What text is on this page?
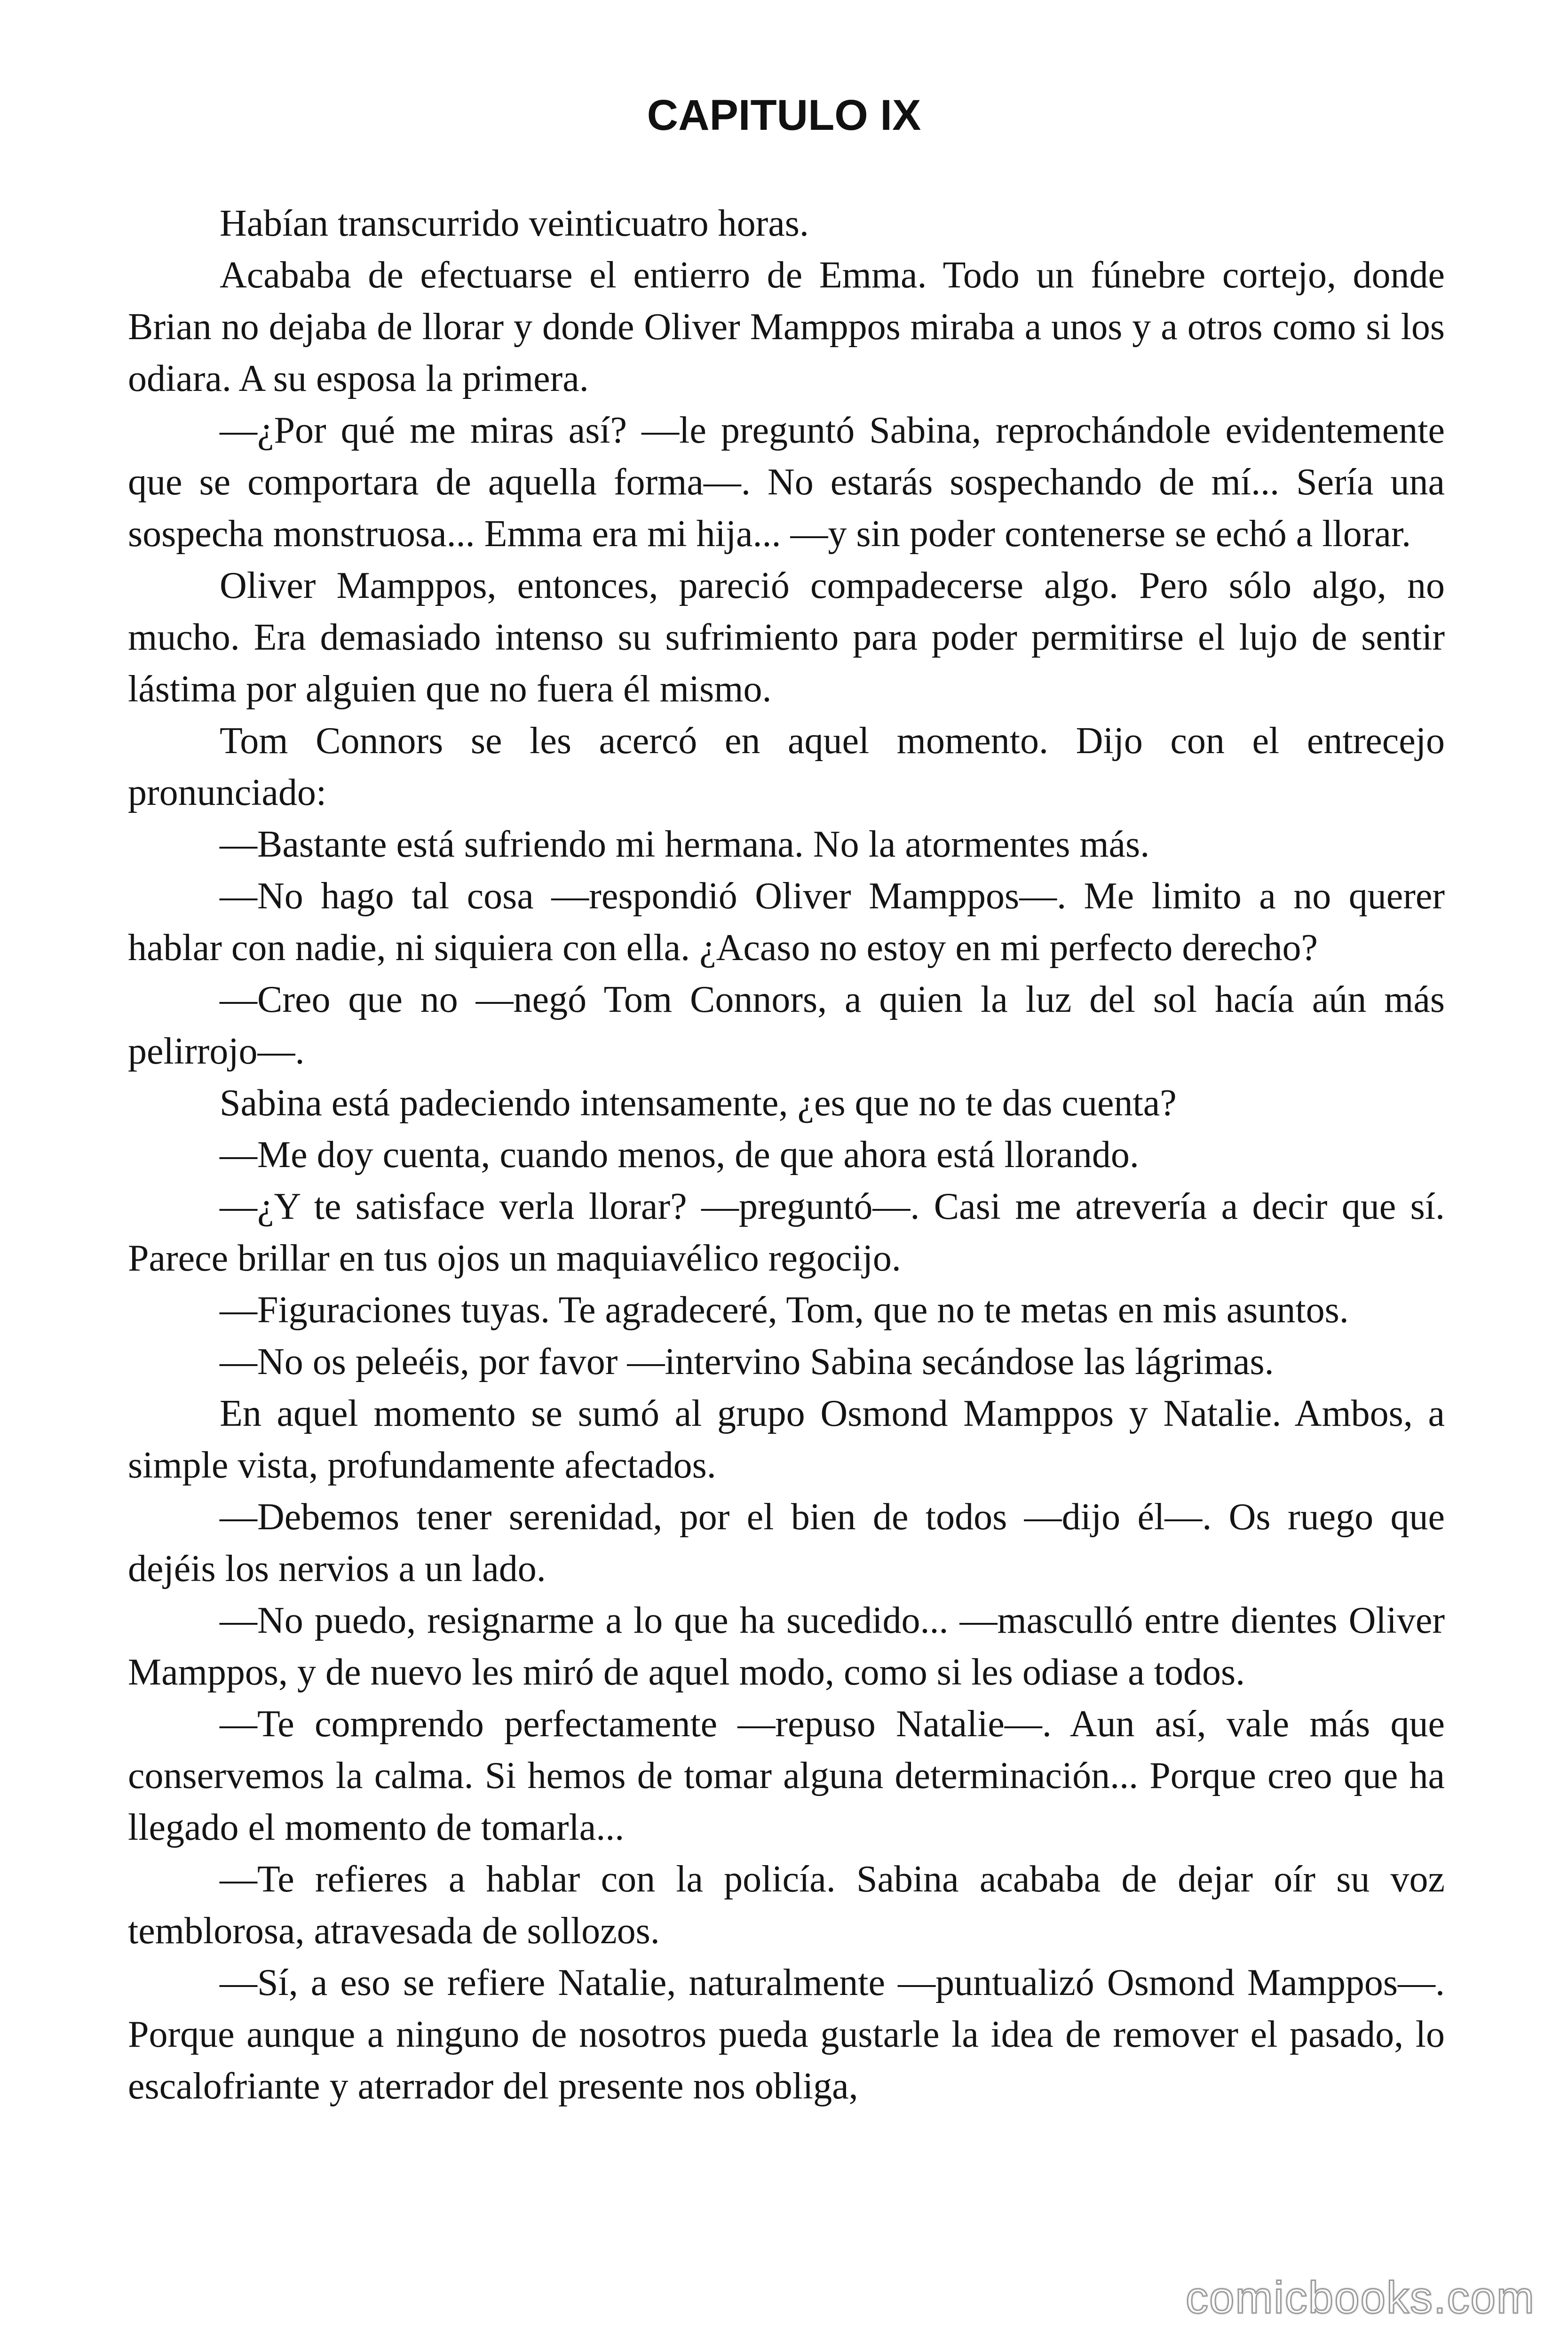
CAPITULO IX

Habían transcurrido veinticuatro horas.

Acababa de efectuarse el entierro de Emma. Todo un fúnebre cortejo, donde Brian no dejaba de llorar y donde Oliver Mamppos miraba a unos y a otros como si los odiara. A su esposa la primera.

—¿Por qué me miras así? —le preguntó Sabina, reprochándole evidentemente que se comportara de aquella forma—. No estarás sospechando de mí... Sería una sospecha monstruosa... Emma era mi hija... —y sin poder contenerse se echó a llorar.

Oliver Mamppos, entonces, pareció compadecerse algo. Pero sólo algo, no mucho. Era demasiado intenso su sufrimiento para poder permitirse el lujo de sentir lástima por alguien que no fuera él mismo.

Tom Connors se les acercó en aquel momento. Dijo con el entrecejo pronunciado:

—Bastante está sufriendo mi hermana. No la atormentes más.

—No hago tal cosa —respondió Oliver Mamppos—. Me limito a no querer hablar con nadie, ni siquiera con ella. ¿Acaso no estoy en mi perfecto derecho?

—Creo que no —negó Tom Connors, a quien la luz del sol hacía aún más pelirrojo—.

Sabina está padeciendo intensamente, ¿es que no te das cuenta?

—Me doy cuenta, cuando menos, de que ahora está llorando.

—¿Y te satisface verla llorar? —preguntó—. Casi me atrevería a decir que sí. Parece brillar en tus ojos un maquiavélico regocijo.

—Figuraciones tuyas. Te agradeceré, Tom, que no te metas en mis asuntos.

—No os peleéis, por favor —intervino Sabina secándose las lágrimas.

En aquel momento se sumó al grupo Osmond Mamppos y Natalie. Ambos, a simple vista, profundamente afectados.

—Debemos tener serenidad, por el bien de todos —dijo él—. Os ruego que dejéis los nervios a un lado.

—No puedo, resignarme a lo que ha sucedido... —masculló entre dientes Oliver Mamppos, y de nuevo les miró de aquel modo, como si les odiase a todos.

—Te comprendo perfectamente —repuso Natalie—. Aun así, vale más que conservemos la calma. Si hemos de tomar alguna determinación... Porque creo que ha llegado el momento de tomarla...

—Te refieres a hablar con la policía. Sabina acababa de dejar oír su voz temblorosa, atravesada de sollozos.

—Sí, a eso se refiere Natalie, naturalmente —puntualizó Osmond Mamppos—. Porque aunque a ninguno de nosotros pueda gustarle la idea de remover el pasado, lo escalofriante y aterrador del presente nos obliga,

comicbooks.com
